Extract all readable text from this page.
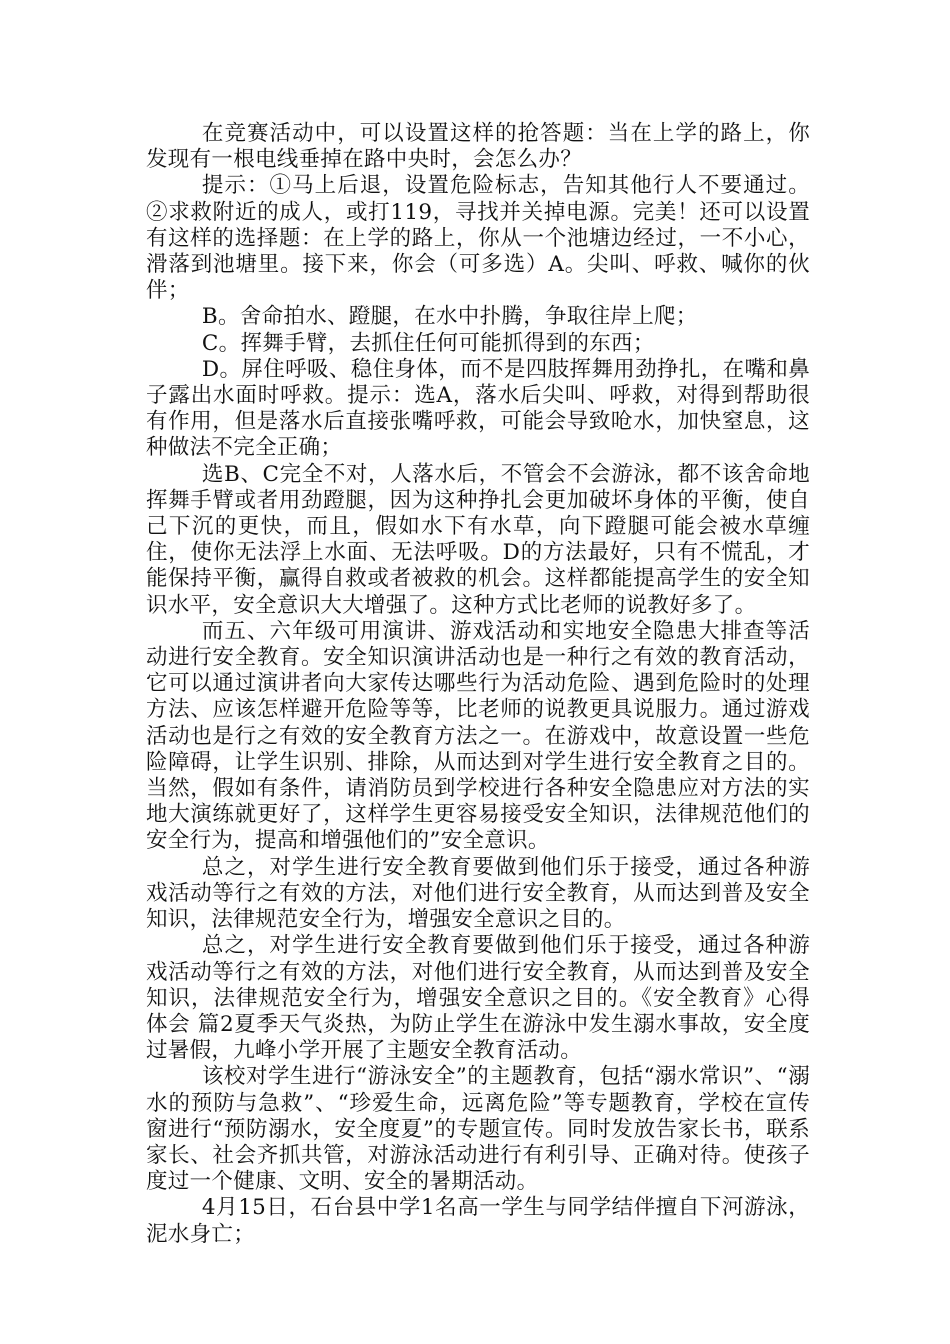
在竞赛活动中，可以设置这样的抢答题：当在上学的路上，你发现有一根电线垂掉在路中央时，会怎么办？

提示：①马上后退，设置危险标志，告知其他行人不要通过。②求救附近的成人，或打119，寻找并关掉电源。完美！还可以设置有这样的选择题：在上学的路上，你从一个池塘边经过，一不小心，滑落到池塘里。接下来，你会（可多选）A。尖叫、呼救、喊你的伙伴；

B。舍命拍水、蹬腿，在水中扑腾，争取往岸上爬；

C。挥舞手臂，去抓住任何可能抓得到的东西；

D。屏住呼吸、稳住身体，而不是四肢挥舞用劲挣扎，在嘴和鼻子露出水面时呼救。提示：选A，落水后尖叫、呼救，对得到帮助很有作用，但是落水后直接张嘴呼救，可能会导致呛水，加快窒息，这种做法不完全正确；

选B、C完全不对，人落水后，不管会不会游泳，都不该舍命地挥舞手臂或者用劲蹬腿，因为这种挣扎会更加破坏身体的平衡，使自己下沉的更快，而且，假如水下有水草，向下蹬腿可能会被水草缠住，使你无法浮上水面、无法呼吸。D的方法最好，只有不慌乱，才能保持平衡，赢得自救或者被救的机会。这样都能提高学生的安全知识水平，安全意识大大增强了。这种方式比老师的说教好多了。

而五、六年级可用演讲、游戏活动和实地安全隐患大排查等活动进行安全教育。安全知识演讲活动也是一种行之有效的教育活动，它可以通过演讲者向大家传达哪些行为活动危险、遇到危险时的处理方法、应该怎样避开危险等等，比老师的说教更具说服力。通过游戏活动也是行之有效的安全教育方法之一。在游戏中，故意设置一些危险障碍，让学生识别、排除，从而达到对学生进行安全教育之目的。当然，假如有条件，请消防员到学校进行各种安全隐患应对方法的实地大演练就更好了，这样学生更容易接受安全知识，法律规范他们的安全行为，提高和增强他们的”安全意识。

总之，对学生进行安全教育要做到他们乐于接受，通过各种游戏活动等行之有效的方法，对他们进行安全教育，从而达到普及安全知识，法律规范安全行为，增强安全意识之目的。

总之，对学生进行安全教育要做到他们乐于接受，通过各种游戏活动等行之有效的方法，对他们进行安全教育，从而达到普及安全知识，法律规范安全行为，增强安全意识之目的。《安全教育》心得体会 篇2夏季天气炎热，为防止学生在游泳中发生溺水事故，安全度过暑假，九峰小学开展了主题安全教育活动。

该校对学生进行“游泳安全”的主题教育，包括“溺水常识”、“溺水的预防与急救”、“珍爱生命，远离危险”等专题教育，学校在宣传窗进行“预防溺水，安全度夏”的专题宣传。同时发放告家长书，联系家长、社会齐抓共管，对游泳活动进行有利引导、正确对待。使孩子度过一个健康、文明、安全的暑期活动。

4月15日，石台县中学1名高一学生与同学结伴擅自下河游泳，泥水身亡；
